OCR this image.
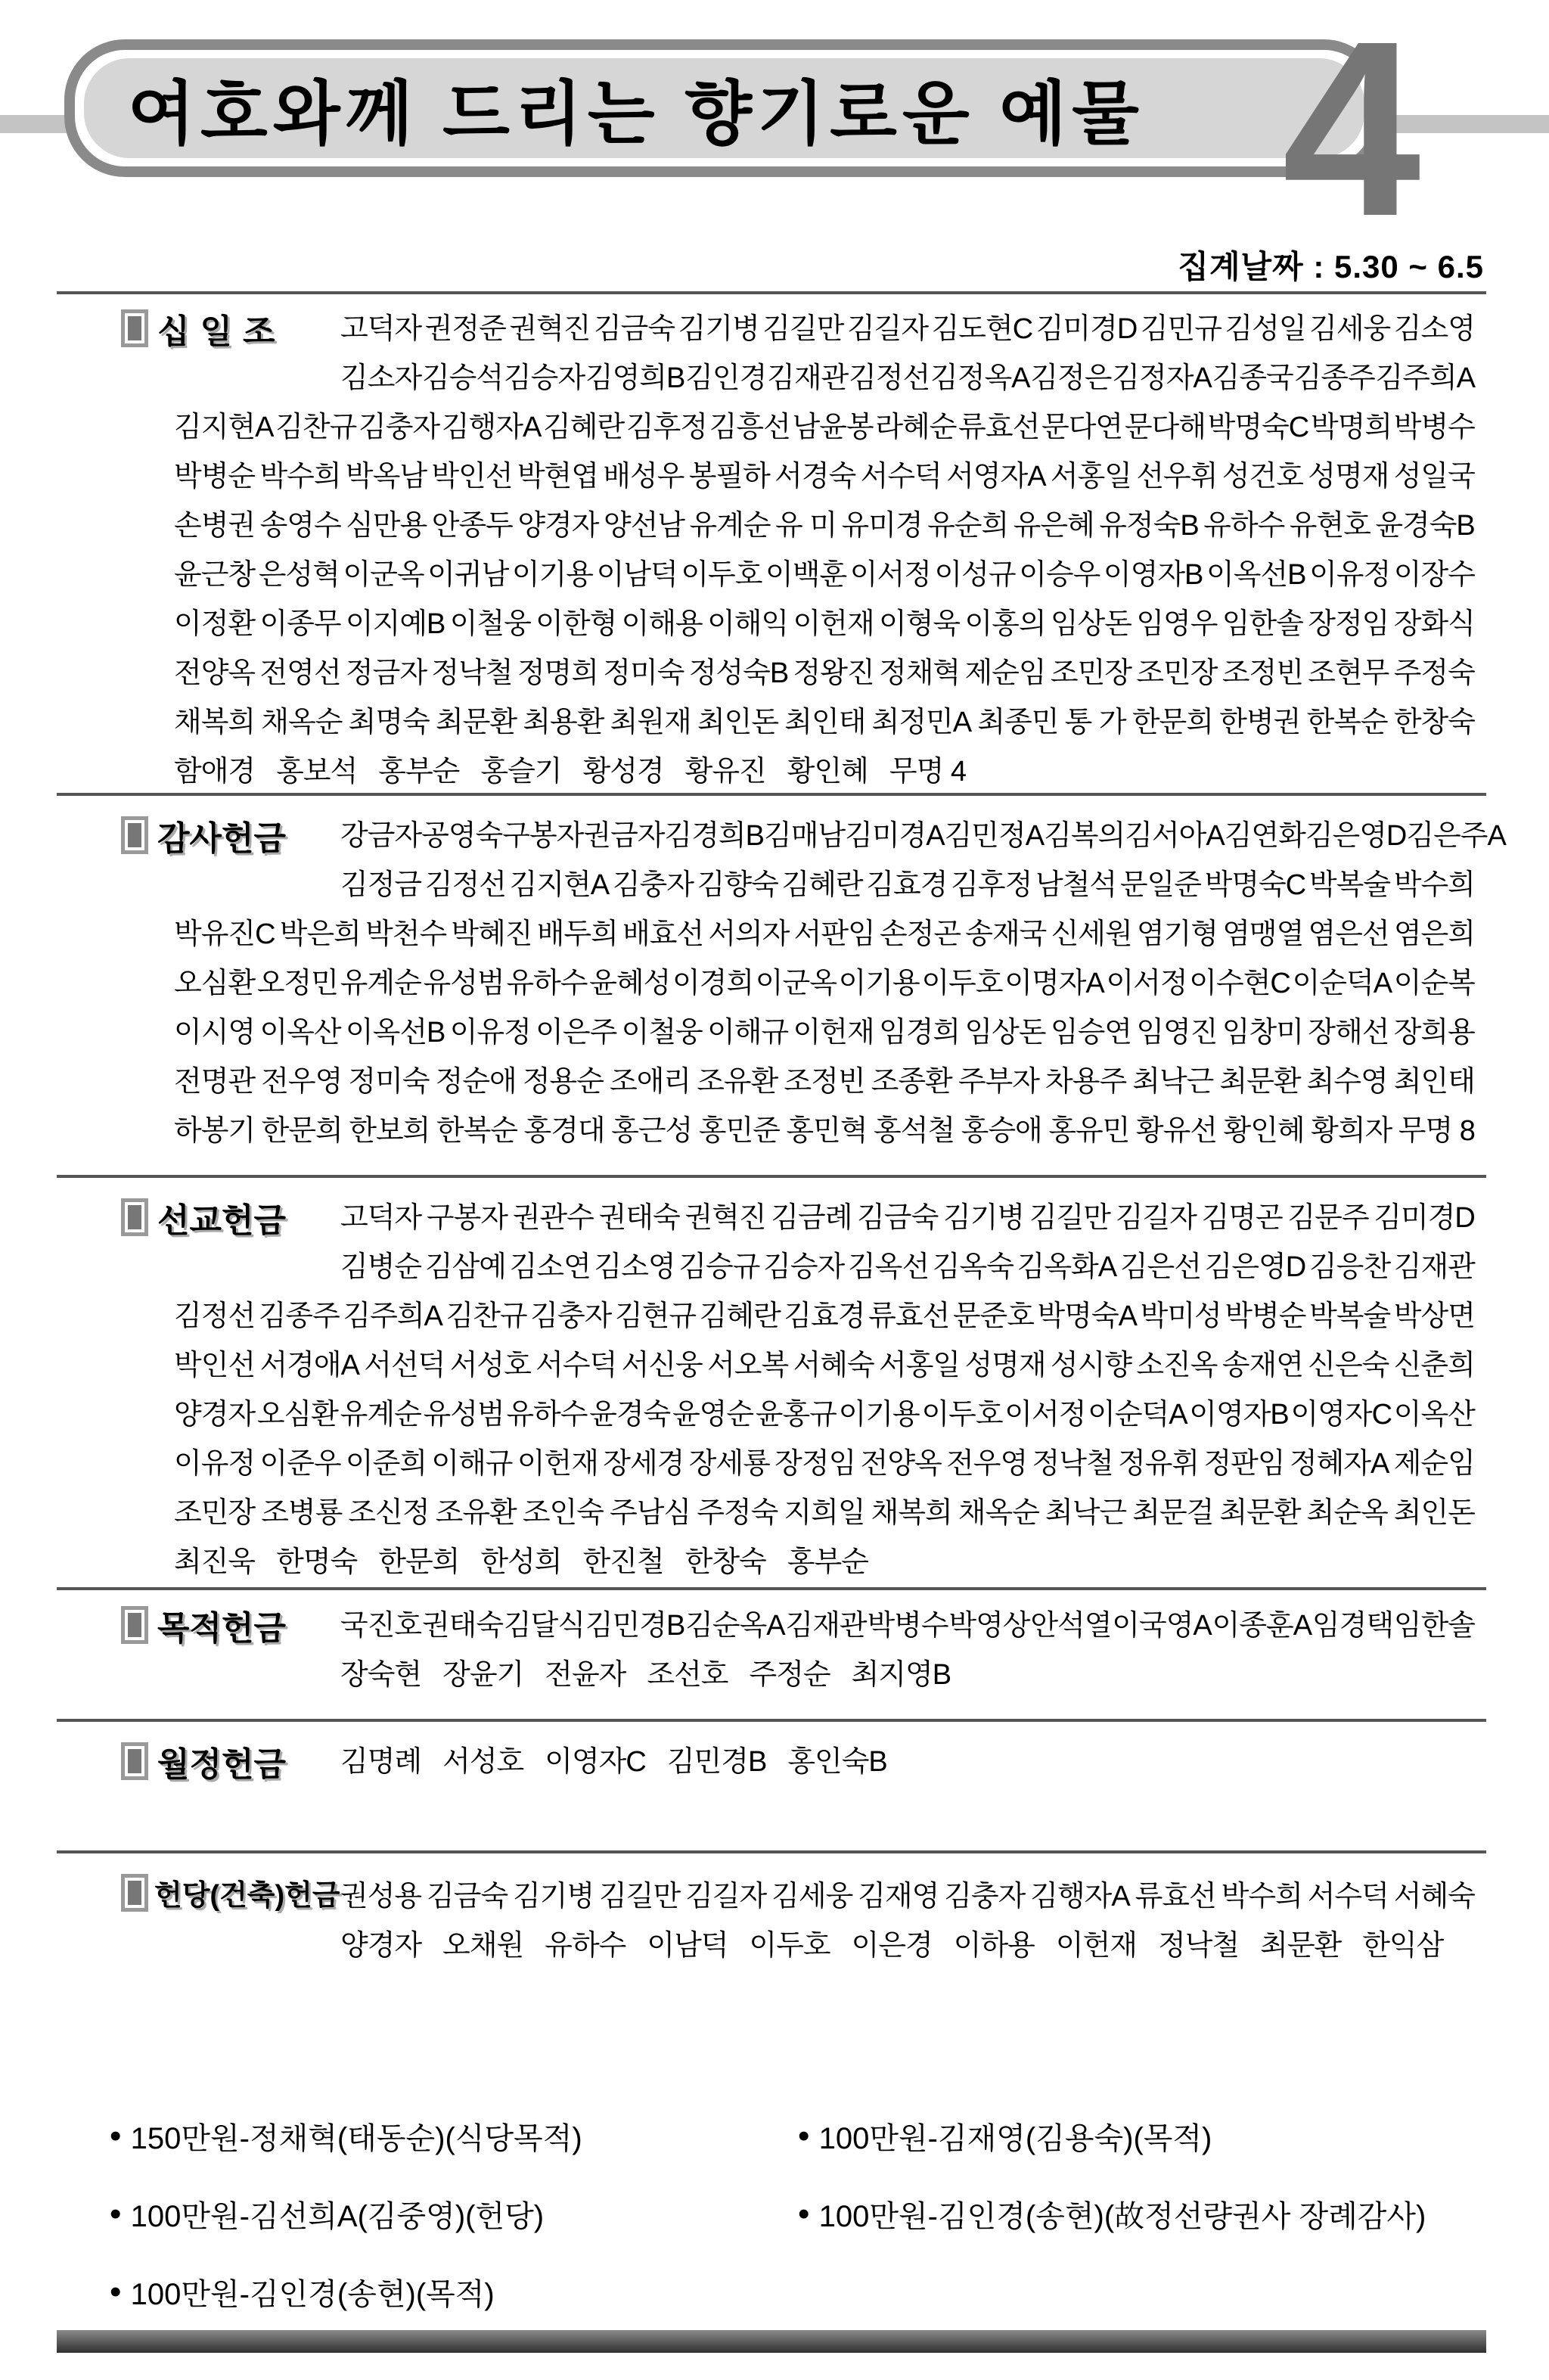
여호와께 드리는 향기로운 예물 4
집계날짜 : 5.30 ~ 6.5
십일조 고덕자 권정준 권혁진 김금숙 김기병 김길만 김길자 김도현C 김미경D 김민규 김성일 김세웅 김소영
김소자 김승석 김승자 김영희B 김인경 김재관 김정선 김정옥A 김정은 김정자A 김종국 김종주 김주희A
김지현A 김찬규 김충자 김행자A 김혜란 김후정 김흥선 남윤봉 라혜순 류효선 문다연 문다해 박명숙C 박명희 박병수
박병순 박수희 박옥남 박인선 박현엽 배성우 봉필하 서경숙 서수덕 서영자A 서홍일 선우휘 성건호 성명재 성일국
손병권 송영수 심만용 안종두 양경자 양선남 유계순 유 미 유미경 유순희 유은혜 유정숙B 유하수 유현호 윤경숙B
윤근창 은성혁 이군옥 이귀남 이기용 이남덕 이두호 이백훈 이서정 이성규 이승우 이영자B 이옥선B 이유정 이장수
이정환 이종무 이지예B 이철웅 이한형 이해용 이해익 이헌재 이형욱 이홍의 임상돈 임영우 임한솔 장정임 장화식
전양옥 전영선 정금자 정낙철 정명희 정미숙 정성숙B 정왕진 정채혁 제순임 조민장 조민장 조정빈 조현무 주정숙
채복희 채옥순 최명숙 최문환 최용환 최원재 최인돈 최인태 최정민A 최종민 통 가 한문희 한병권 한복순 한창숙
함애경 홍보석 홍부순 홍슬기 황성경 황유진 황인혜 무명 4
감사헌금 강금자 공영숙 구봉자 권금자 김경희B 김매남 김미경A 김민정A 김복의 김서아A 김연화 김은영D 김은주A
김정금 김정선 김지현A 김충자 김향숙 김혜란 김효경 김후정 남철석 문일준 박명숙C 박복술 박수희
박유진C 박은희 박천수 박혜진 배두희 배효선 서의자 서판임 손정곤 송재국 신세원 염기형 염맹열 염은선 염은희
오심환 오정민 유계순 유성범 유하수 윤혜성 이경희 이군옥 이기용 이두호 이명자A 이서정 이수현C 이순덕A 이순복
이시영 이옥산 이옥선B 이유정 이은주 이철웅 이해규 이헌재 임경희 임상돈 임승연 임영진 임창미 장해선 장희용
전명관 전우영 정미숙 정순애 정용순 조애리 조유환 조정빈 조종환 주부자 차용주 최낙근 최문환 최수영 최인태
하봉기 한문희 한보희 한복순 홍경대 홍근성 홍민준 홍민혁 홍석철 홍승애 홍유민 황유선 황인혜 황희자 무명 8
선교헌금 고덕자 구봉자 권관수 권태숙 권혁진 김금례 김금숙 김기병 김길만 김길자 김명곤 김문주 김미경D
김병순 김삼예 김소연 김소영 김승규 김승자 김옥선 김옥숙 김옥화A 김은선 김은영D 김응찬 김재관
김정선 김종주 김주희A 김찬규 김충자 김현규 김혜란 김효경 류효선 문준호 박명숙A 박미성 박병순 박복술 박상면
박인선 서경애A 서선덕 서성호 서수덕 서신웅 서오복 서혜숙 서홍일 성명재 성시향 소진옥 송재연 신은숙 신춘희
양경자 오심환 유계순 유성범 유하수 윤경숙 윤영순 윤홍규 이기용 이두호 이서정 이순덕A 이영자B 이영자C 이옥산
이유정 이준우 이준희 이해규 이헌재 장세경 장세룡 장정임 전양옥 전우영 정낙철 정유휘 정판임 정혜자A 제순임
조민장 조병룡 조신정 조유환 조인숙 주남심 주정숙 지희일 채복희 채옥순 최낙근 최문걸 최문환 최순옥 최인돈
최진욱 한명숙 한문희 한성희 한진철 한창숙 홍부순
목적헌금 국진호 권태숙 김달식 김민경B 김순옥A 김재관 박병수 박영상 안석열 이국영A 이종훈A 임경택 임한솔
장숙현 장윤기 전윤자 조선호 주정순 최지영B
월정헌금 김명례 서성호 이영자C 김민경B 홍인숙B
헌당(건축)헌금 권성용 김금숙 김기병 김길만 김길자 김세웅 김재영 김충자 김행자A 류효선 박수희 서수덕 서혜숙
양경자 오채원 유하수 이남덕 이두호 이은경 이하용 이헌재 정낙철 최문환 한익삼
• 150만원-정채혁(태동순)(식당목적)
• 100만원-김선희A(김중영)(헌당)
• 100만원-김인경(송현)(목적)
• 100만원-김재영(김용숙)(목적)
• 100만원-김인경(송현)(故정선량권사 장례감사)
